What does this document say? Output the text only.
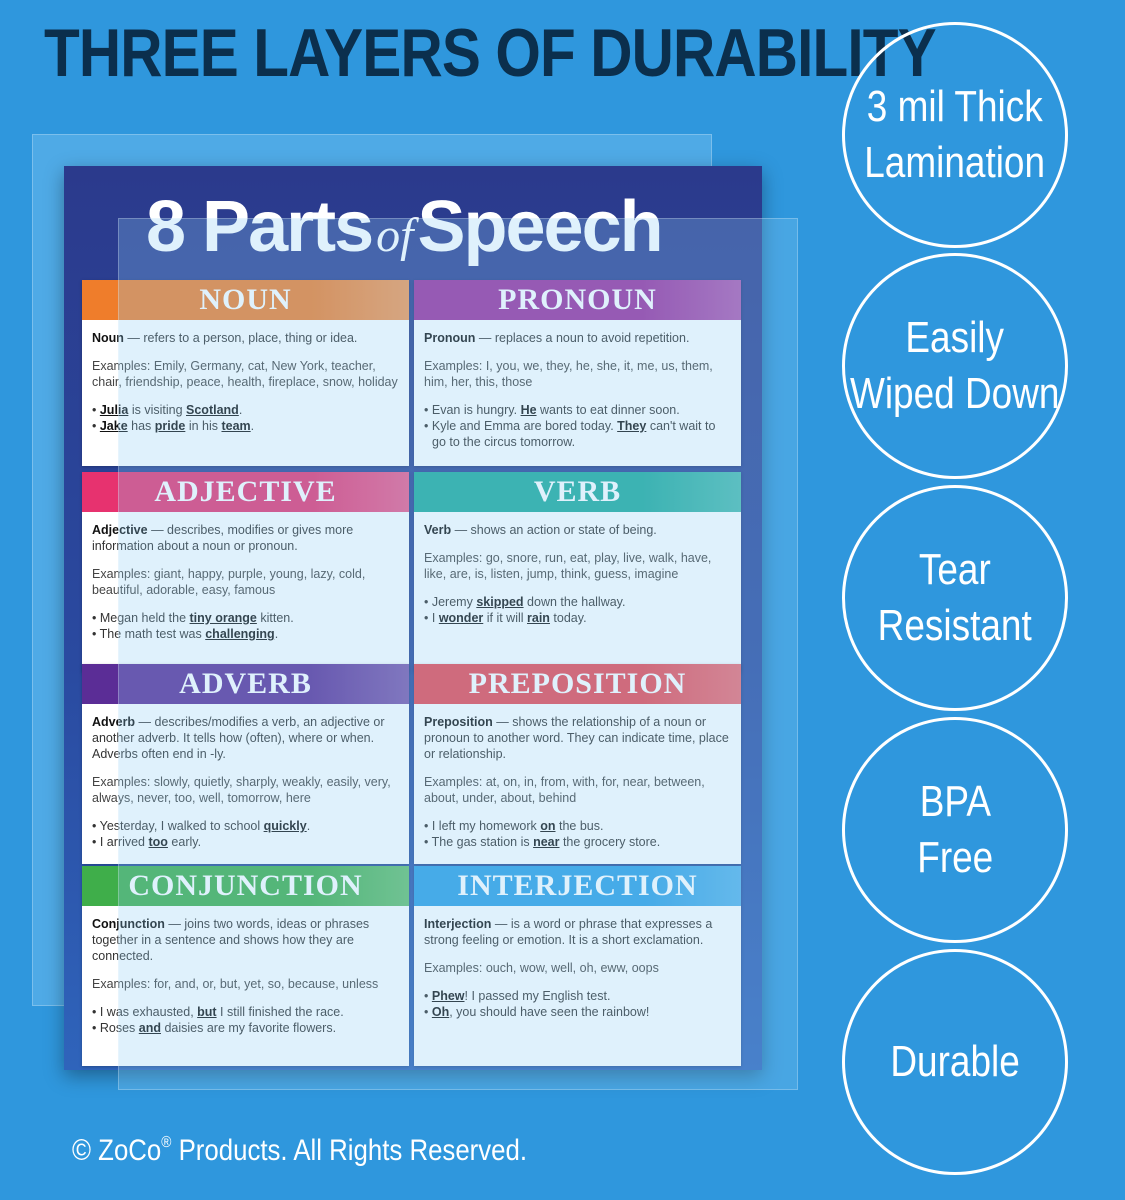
THREE LAYERS OF DURABILITY
8 PartsofSpeech
NOUN

Noun — refers to a person, place, thing or idea.

Examples: Emily, Germany, cat, New York, teacher, chair, friendship, peace, health, fireplace, snow, holiday

• Julia is visiting Scotland.
• Jake has pride in his team.
PRONOUN

Pronoun — replaces a noun to avoid repetition.

Examples: I, you, we, they, he, she, it, me, us, them, him, her, this, those

• Evan is hungry. He wants to eat dinner soon.
• Kyle and Emma are bored today. They can't wait to go to the circus tomorrow.
ADJECTIVE

Adjective — describes, modifies or gives more information about a noun or pronoun.

Examples: giant, happy, purple, young, lazy, cold, beautiful, adorable, easy, famous

• Megan held the tiny orange kitten.
• The math test was challenging.
VERB

Verb — shows an action or state of being.

Examples: go, snore, run, eat, play, live, walk, have, like, are, is, listen, jump, think, guess, imagine

• Jeremy skipped down the hallway.
• I wonder if it will rain today.
ADVERB

Adverb — describes/modifies a verb, an adjective or another adverb. It tells how (often), where or when. Adverbs often end in -ly.

Examples: slowly, quietly, sharply, weakly, easily, very, always, never, too, well, tomorrow, here

• Yesterday, I walked to school quickly.
• I arrived too early.
PREPOSITION

Preposition — shows the relationship of a noun or pronoun to another word. They can indicate time, place or relationship.

Examples: at, on, in, from, with, for, near, between, about, under, about, behind

• I left my homework on the bus.
• The gas station is near the grocery store.
CONJUNCTION

Conjunction — joins two words, ideas or phrases together in a sentence and shows how they are connected.

Examples: for, and, or, but, yet, so, because, unless

• I was exhausted, but I still finished the race.
• Roses and daisies are my favorite flowers.
INTERJECTION

Interjection — is a word or phrase that expresses a strong feeling or emotion. It is a short exclamation.

Examples: ouch, wow, well, oh, eww, oops

• Phew! I passed my English test.
• Oh, you should have seen the rainbow!
3 mil Thick
Lamination
Easily
Wiped Down
Tear
Resistant
BPA
Free
Durable
© ZoCo® Products. All Rights Reserved.
